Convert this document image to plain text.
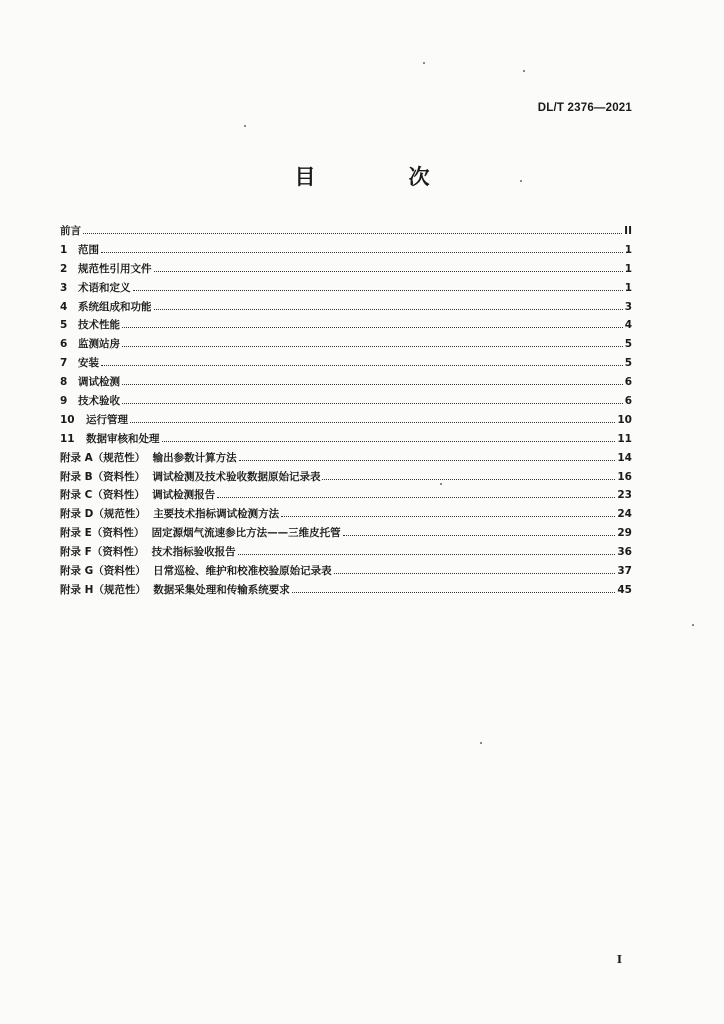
DL/T 2376—2021
目　次
前言	II
1	范围	1
2	规范性引用文件	1
3	术语和定义	1
4	系统组成和功能	3
5	技术性能	4
6	监测站房	5
7	安装	5
8	调试检测	6
9	技术验收	6
10	运行管理	10
11	数据审核和处理	11
附录 A（规范性） 输出参数计算方法	14
附录 B（资料性） 调试检测及技术验收数据原始记录表	16
附录 C（资料性） 调试检测报告	23
附录 D（规范性） 主要技术指标调试检测方法	24
附录 E（资料性） 固定源烟气流速参比方法——三维皮托管	29
附录 F（资料性） 技术指标验收报告	36
附录 G（资料性） 日常巡检、维护和校准校验原始记录表	37
附录 H（规范性） 数据采集处理和传输系统要求	45
I
